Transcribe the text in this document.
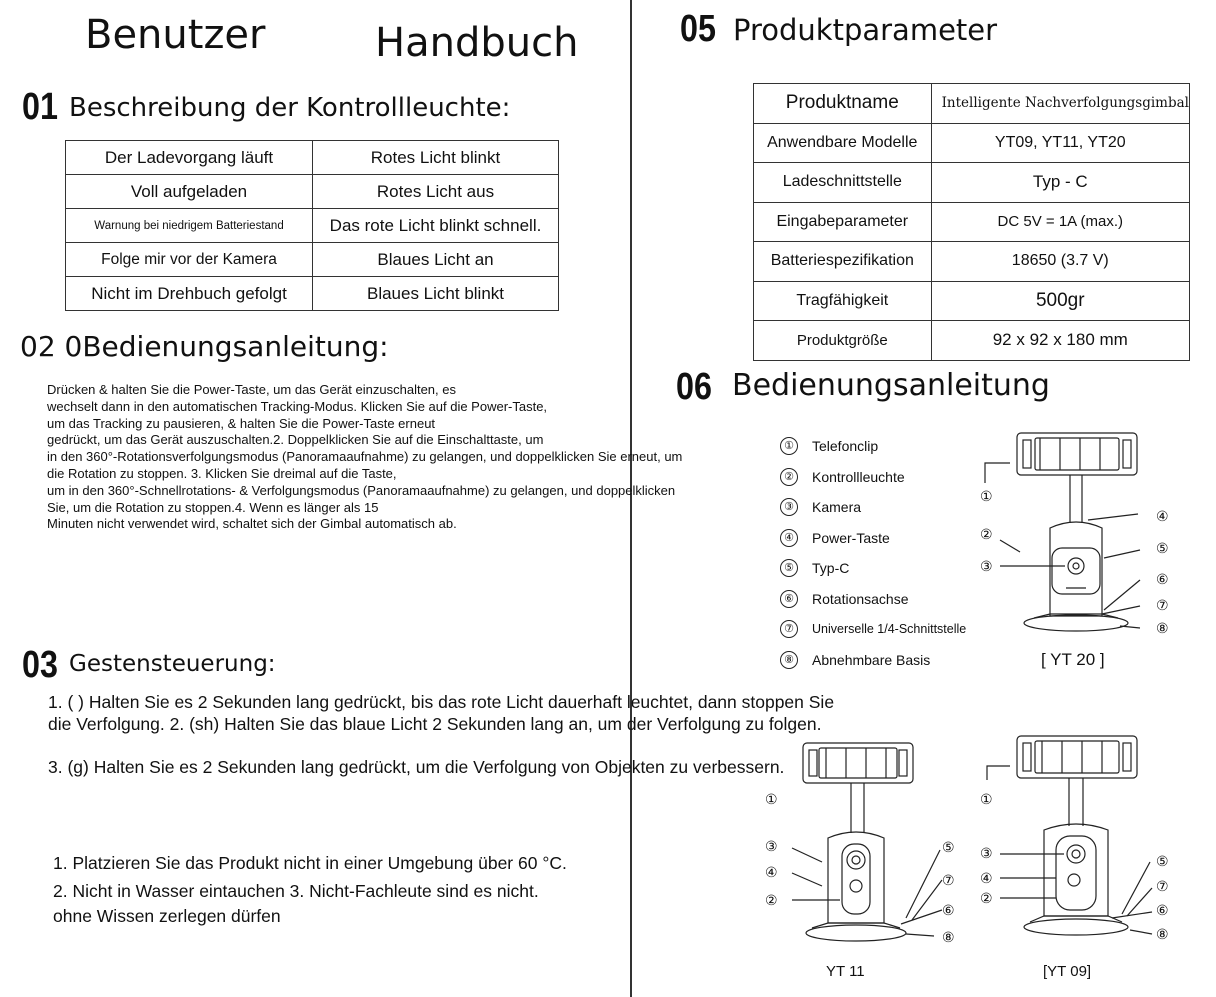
Benutzer	Handbuch
01 Beschreibung der Kontrollleuchte:
Der Ladevorgang läuft	Rotes Licht blinkt
Voll aufgeladen	Rotes Licht aus
Warnung bei niedrigem Batteriestand	Das rote Licht blinkt schnell.
Folge mir vor der Kamera	Blaues Licht an
Nicht im Drehbuch gefolgt	Blaues Licht blinkt
02 0Bedienungsanleitung:
Drücken & halten Sie die Power-Taste, um das Gerät einzuschalten, es
wechselt dann in den automatischen Tracking-Modus. Klicken Sie auf die Power-Taste,
um das Tracking zu pausieren, & halten Sie die Power-Taste erneut
gedrückt, um das Gerät auszuschalten.2. Doppelklicken Sie auf die Einschalttaste, um
in den 360°-Rotationsverfolgungsmodus (Panoramaaufnahme) zu gelangen, und doppelklicken Sie erneut, um
die Rotation zu stoppen. 3. Klicken Sie dreimal auf die Taste,
um in den 360°-Schnellrotations- & Verfolgungsmodus (Panoramaaufnahme) zu gelangen, und doppelklicken
Sie, um die Rotation zu stoppen.4. Wenn es länger als 15
Minuten nicht verwendet wird, schaltet sich der Gimbal automatisch ab.
03 Gestensteuerung:
1. ( ) Halten Sie es 2 Sekunden lang gedrückt, bis das rote Licht dauerhaft leuchtet, dann stoppen Sie
die Verfolgung. 2. (sh) Halten Sie das blaue Licht 2 Sekunden lang an, um der Verfolgung zu folgen.
3. (g) Halten Sie es 2 Sekunden lang gedrückt, um die Verfolgung von Objekten zu verbessern.
1. Platzieren Sie das Produkt nicht in einer Umgebung über 60 °C.
2. Nicht in Wasser eintauchen 3. Nicht-Fachleute sind es nicht.
ohne Wissen zerlegen dürfen
05 Produktparameter
Produktname	Intelligente Nachverfolgungsgimbal
Anwendbare Modelle	YT09, YT11, YT20
Ladeschnittstelle	Typ - C
Eingabeparameter	DC 5V = 1A (max.)
Batteriespezifikation	18650 (3.7 V)
Tragfähigkeit	500gr
Produktgröße	92 x 92 x 180 mm
06 Bedienungsanleitung
① Telefonclip
② Kontrollleuchte
③ Kamera
④ Power-Taste
⑤ Typ-C
⑥ Rotationsachse
⑦	Universelle 1/4-Schnittstelle
⑧ Abnehmbare Basis
①
②
③
④
⑤
⑥
⑦
⑧
①
③
④
②
⑤
⑦
⑥
⑧
①
③
④
②
⑤
⑦
⑥
⑧
[ YT 20 ]
YT 11	[YT 09]
